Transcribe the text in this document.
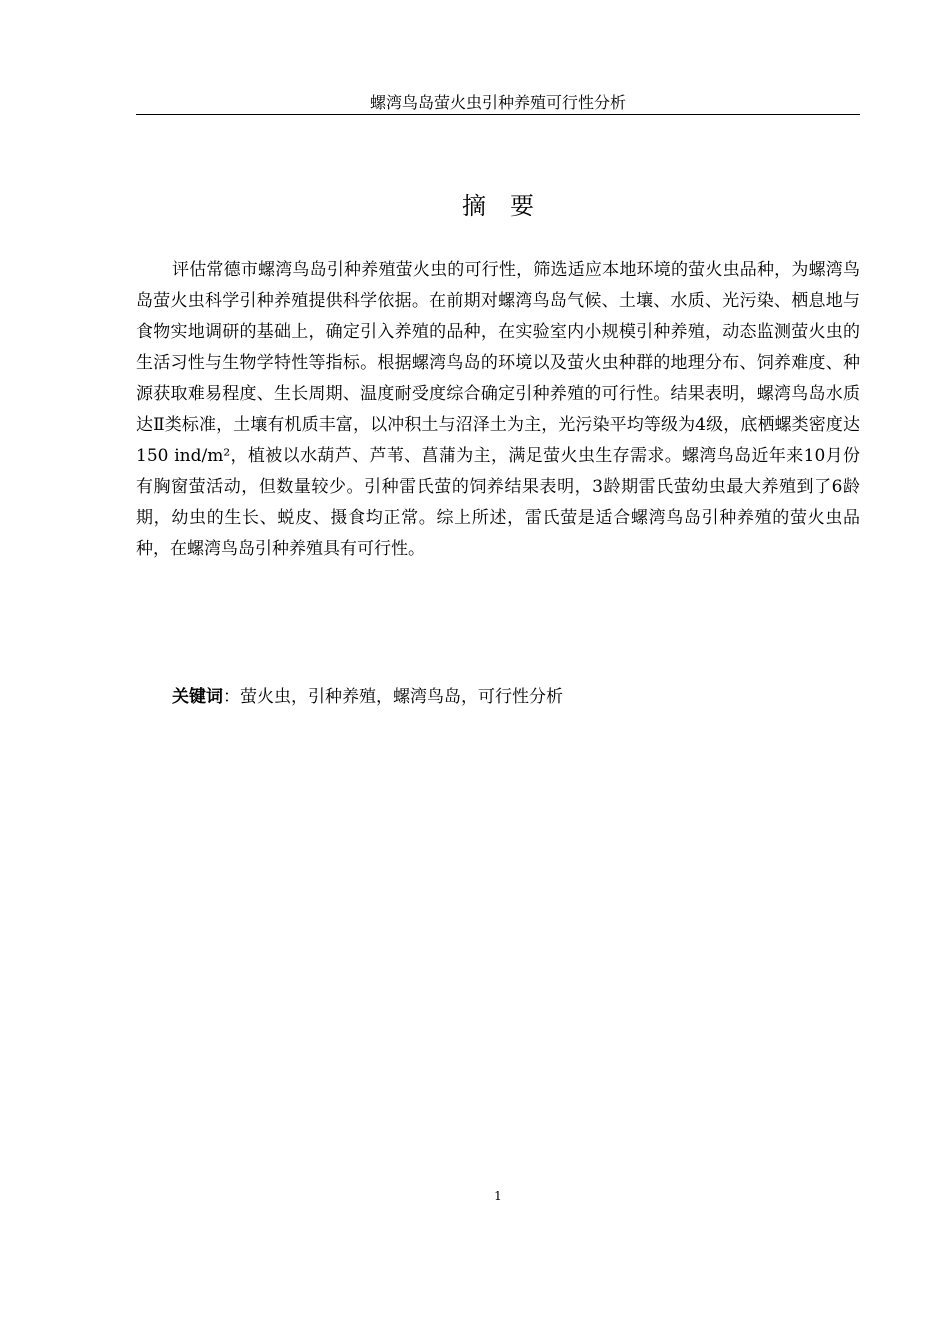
螺湾鸟岛萤火虫引种养殖可行性分析
摘要

评估常德市螺湾鸟岛引种养殖萤火虫的可行性，筛选适应本地环境的萤火虫品种，为螺湾鸟岛萤火虫科学引种养殖提供科学依据。在前期对螺湾鸟岛气候、土壤、水质、光污染、栖息地与食物实地调研的基础上，确定引入养殖的品种，在实验室内小规模引种养殖，动态监测萤火虫的生活习性与生物学特性等指标。根据螺湾鸟岛的环境以及萤火虫种群的地理分布、饲养难度、种源获取难易程度、生长周期、温度耐受度综合确定引种养殖的可行性。结果表明，螺湾鸟岛水质达Ⅱ类标准，土壤有机质丰富，以冲积土与沼泽土为主，光污染平均等级为4级，底栖螺类密度达150 ind/m²，植被以水葫芦、芦苇、菖蒲为主，满足萤火虫生存需求。螺湾鸟岛近年来10月份有胸窗萤活动，但数量较少。引种雷氏萤的饲养结果表明，3龄期雷氏萤幼虫最大养殖到了6龄期，幼虫的生长、蜕皮、摄食均正常。综上所述，雷氏萤是适合螺湾鸟岛引种养殖的萤火虫品种，在螺湾鸟岛引种养殖具有可行性。

关键词：萤火虫，引种养殖，螺湾鸟岛，可行性分析

1
